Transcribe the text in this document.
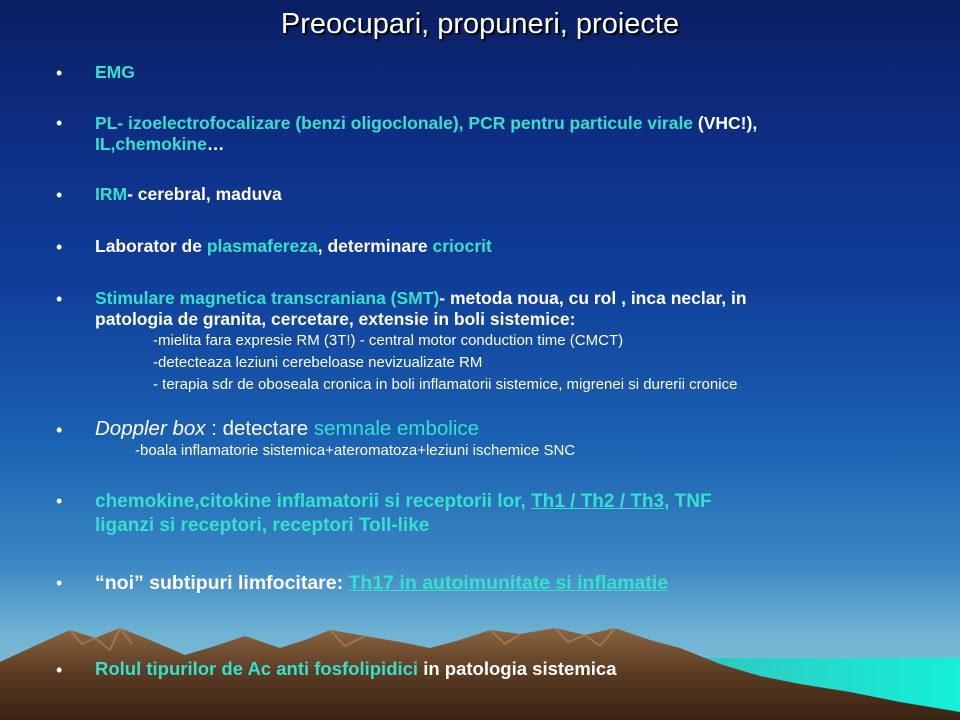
Preocupari, propuneri, proiecte
•
•
•
•
•
•
•
•
•
EMG
PL- izoelectrofocalizare (benzi oligoclonale), PCR pentru particule virale (VHC!),
IL,chemokine…
IRM- cerebral, maduva
Laborator de plasmafereza, determinare criocrit
Stimulare magnetica transcraniana (SMT)- metoda noua, cu rol , inca neclar, in
patologia de granita, cercetare, extensie in boli sistemice:
-mielita fara expresie RM (3T!) - central motor conduction time (CMCT)
-detecteaza leziuni cerebeloase nevizualizate RM
- terapia sdr de oboseala cronica in boli inflamatorii sistemice, migrenei si durerii cronice
Doppler box : detectare semnale embolice
-boala inflamatorie sistemica+ateromatoza+leziuni ischemice SNC
chemokine,citokine inflamatorii si receptorii lor, Th1 / Th2 / Th3, TNF
liganzi si receptori, receptori Toll-like
“noi” subtipuri limfocitare: Th17 in autoimunitate si inflamatie
Rolul tipurilor de Ac anti fosfolipidici in patologia sistemica
